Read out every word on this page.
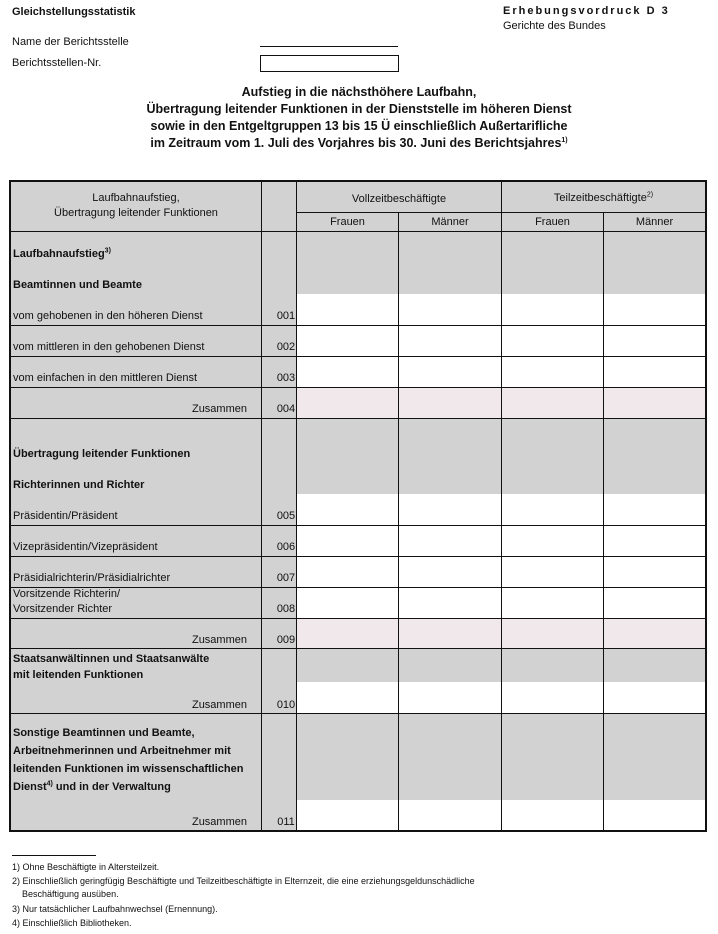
Gleichstellungsstatistik	Erhebungsvordruck D 3
Gerichte des Bundes
Name der Berichtsstelle
Berichtsstellen-Nr.
Aufstieg in die nächsthöhere Laufbahn,
Übertragung leitender Funktionen in der Dienststelle im höheren Dienst
sowie in den Entgeltgruppen 13 bis 15 Ü einschließlich Außertarifliche
im Zeitraum vom 1. Juli des Vorjahres bis 30. Juni des Berichtsjahres$^{1)}$
Laufbahnaufstieg,
Übertragung leitender Funktionen
Vollzeitbeschäftigte	Teilzeitbeschäftigte$^{2)}$
Frauen	Männer	Frauen	Männer
Laufbahnaufstieg$^{3)}$
Beamtinnen und Beamte
vom gehobenen in den höheren Dienst	001
vom mittleren in den gehobenen Dienst	002
vom einfachen in den mittleren Dienst	003
Zusammen	004
Übertragung leitender Funktionen
Richterinnen und Richter
Präsidentin/Präsident	005
Vizepräsidentin/Vizepräsident	006
Präsidialrichterin/Präsidialrichter	007
Vorsitzende Richterin/
Vorsitzender Richter	008
Zusammen	009
Staatsanwältinnen und Staatsanwälte
mit leitenden Funktionen
Zusammen	010
Sonstige Beamtinnen und Beamte,
Arbeitnehmerinnen und Arbeitnehmer mit
leitenden Funktionen im wissenschaftlichen
Dienst$^{4)}$ und in der Verwaltung
Zusammen	011
1) Ohne Beschäftigte in Altersteilzeit.
2) Einschließlich geringfügig Beschäftigte und Teilzeitbeschäftigte in Elternzeit, die eine erziehungsgeldunschädliche
Beschäftigung ausüben.
3) Nur tatsächlicher Laufbahnwechsel (Ernennung).
4) Einschließlich Bibliotheken.
